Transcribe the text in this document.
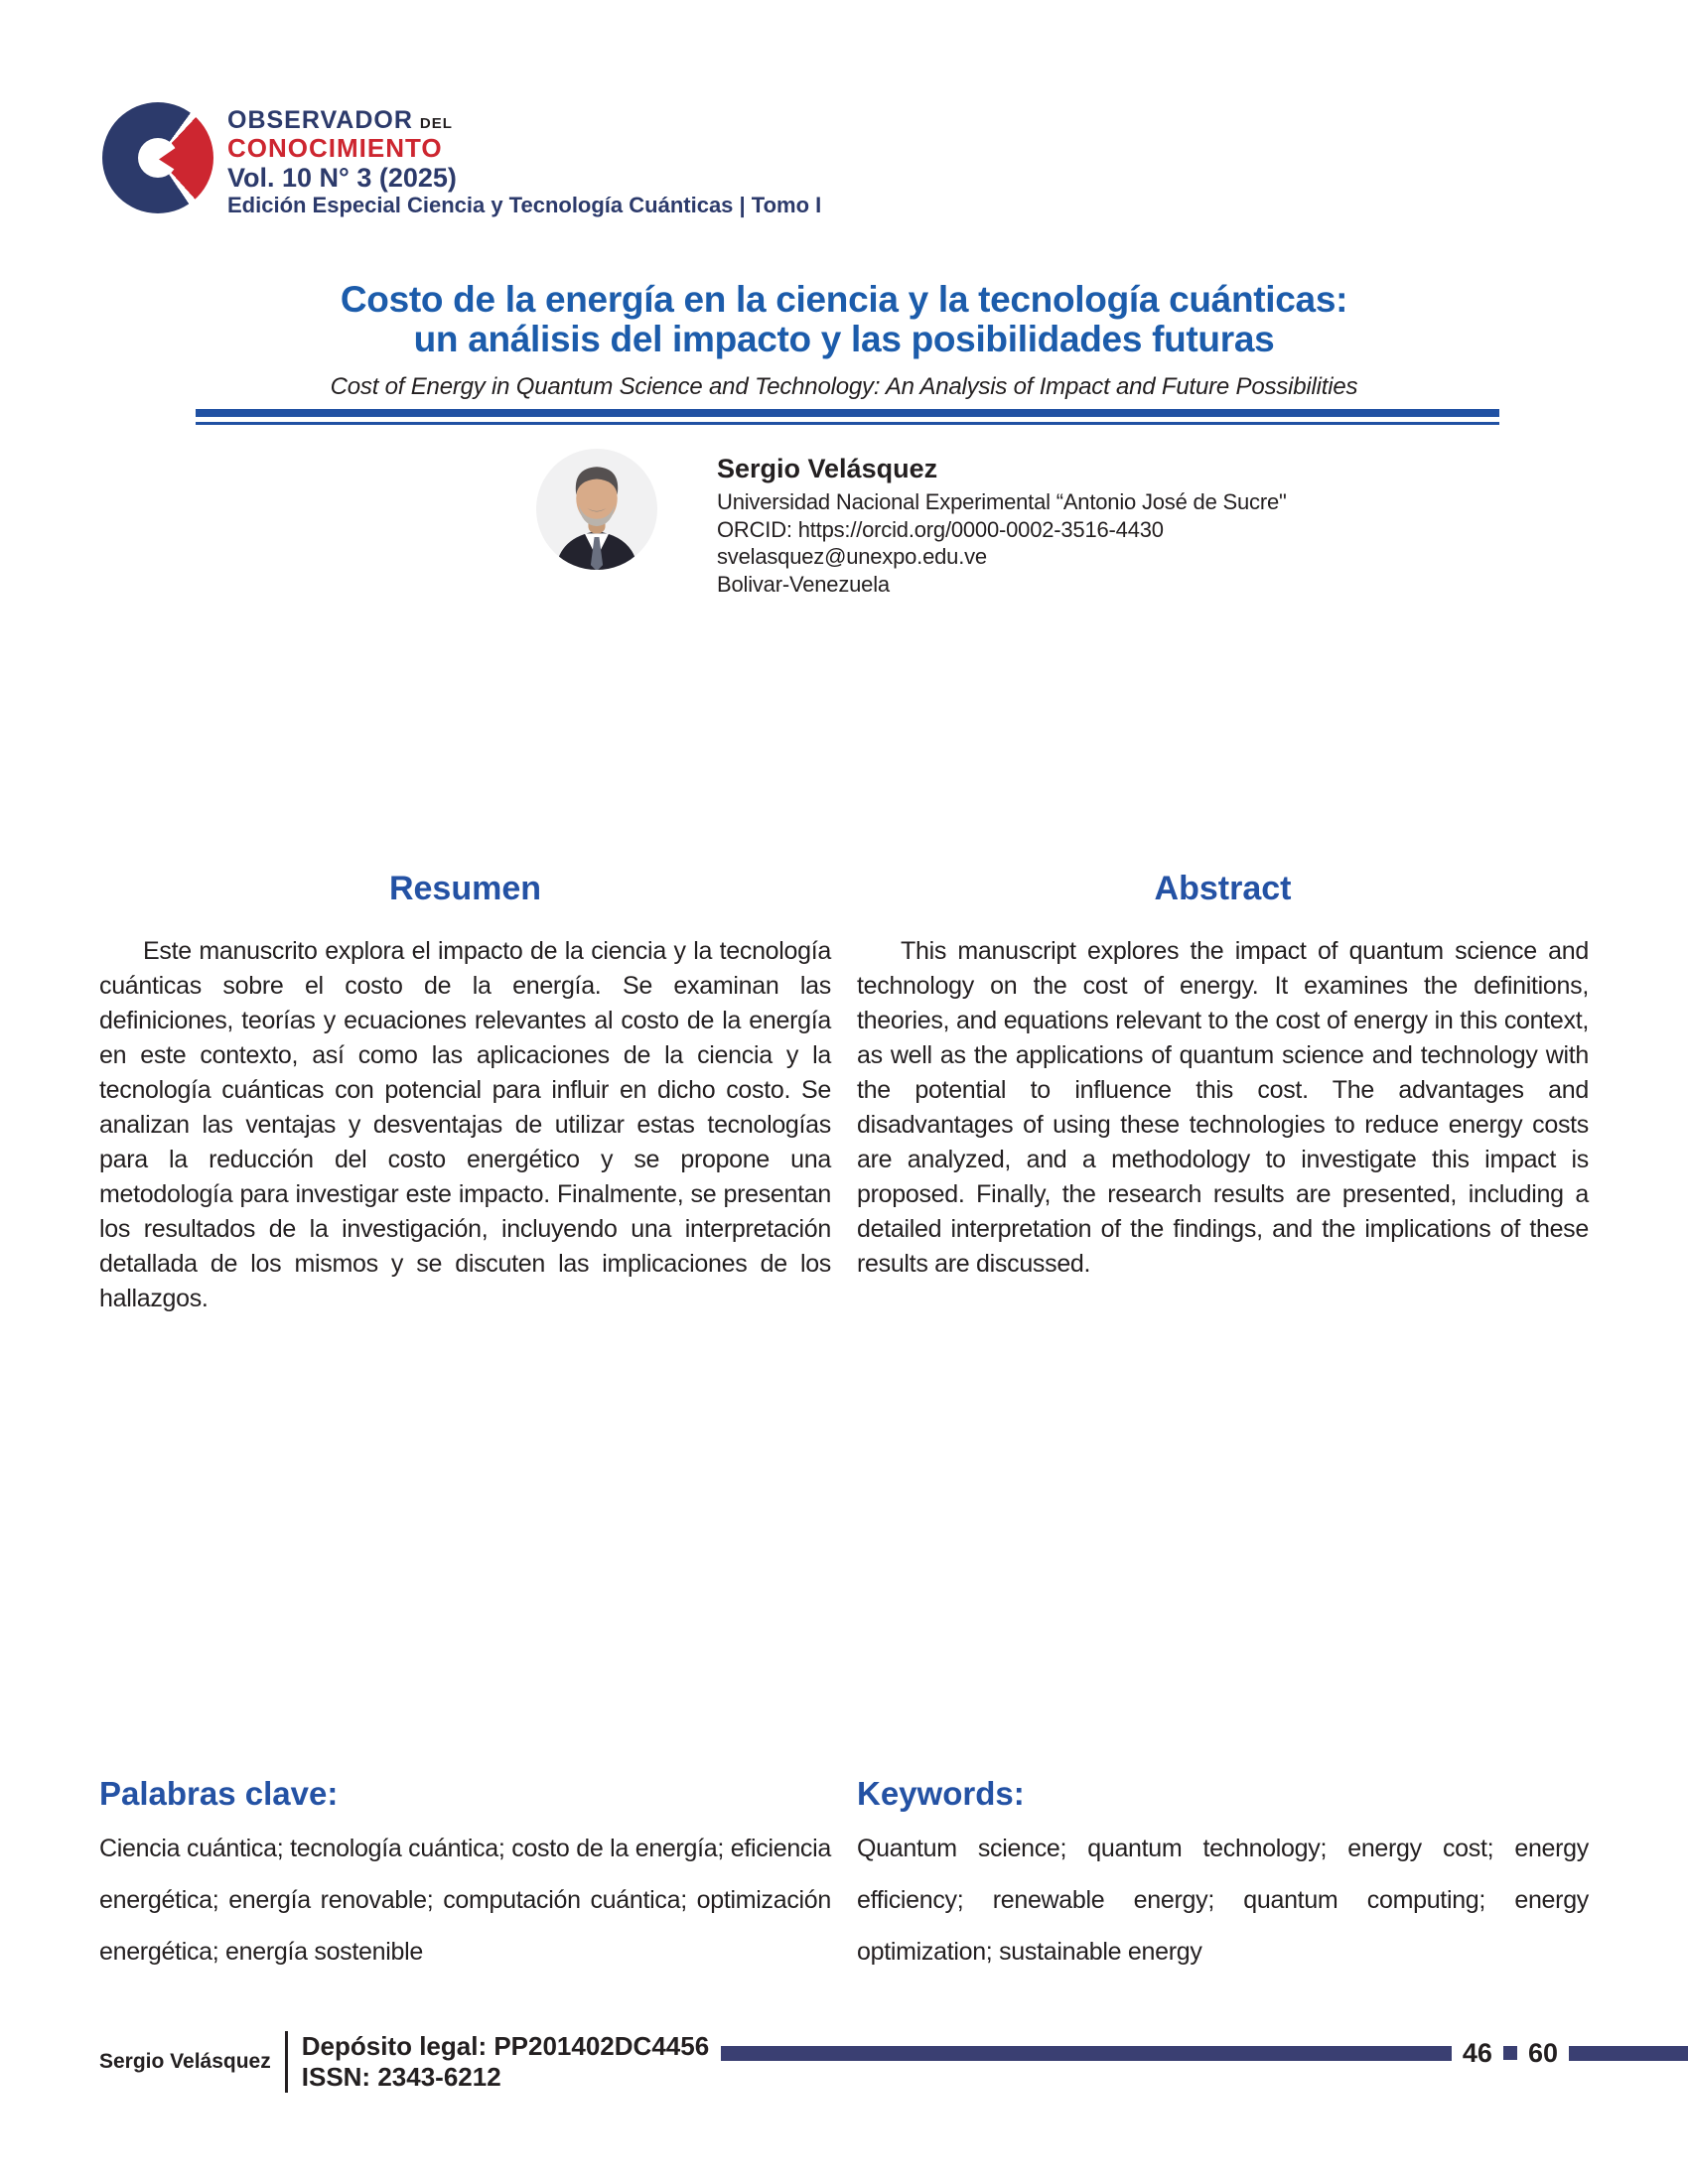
OBSERVADOR DEL
CONOCIMIENTO
Vol. 10 N° 3 (2025)
Edición Especial Ciencia y Tecnología Cuánticas | Tomo I
Costo de la energía en la ciencia y la tecnología cuánticas:
un análisis del impacto y las posibilidades futuras

Cost of Energy in Quantum Science and Technology: An Analysis of Impact and Future Possibilities

Sergio Velásquez
Universidad Nacional Experimental “Antonio José de Sucre"
ORCID: https://orcid.org/0000-0002-3516-4430
svelasquez@unexpo.edu.ve
Bolivar-Venezuela
Resumen

Este manuscrito explora el impacto de la ciencia y la tecnología cuánticas sobre el costo de la energía. Se examinan las definiciones, teorías y ecuaciones relevantes al costo de la energía en este contexto, así como las aplicaciones de la ciencia y la tecnología cuánticas con potencial para influir en dicho costo. Se analizan las ventajas y desventajas de utilizar estas tecnologías para la reducción del costo energético y se propone una metodología para investigar este impacto. Finalmente, se presentan los resultados de la investigación, incluyendo una interpretación detallada de los mismos y se discuten las implicaciones de los hallazgos.

Abstract

This manuscript explores the impact of quantum science and technology on the cost of energy. It examines the definitions, theories, and equations relevant to the cost of energy in this context, as well as the applications of quantum science and technology with the potential to influence this cost. The advantages and disadvantages of using these technologies to reduce energy costs are analyzed, and a methodology to investigate this impact is proposed. Finally, the research results are presented, including a detailed interpretation of the findings, and the implications of these results are discussed.

Palabras clave:

Ciencia cuántica; tecnología cuántica; costo de la energía; eficiencia energética; energía renovable; computación cuántica; optimización energética; energía sostenible

Keywords:

Quantum science; quantum technology; energy cost; energy efficiency; renewable energy; quantum computing; energy optimization; sustainable energy

Sergio Velásquez
Depósito legal: PP201402DC4456
ISSN: 2343-6212
46 60
